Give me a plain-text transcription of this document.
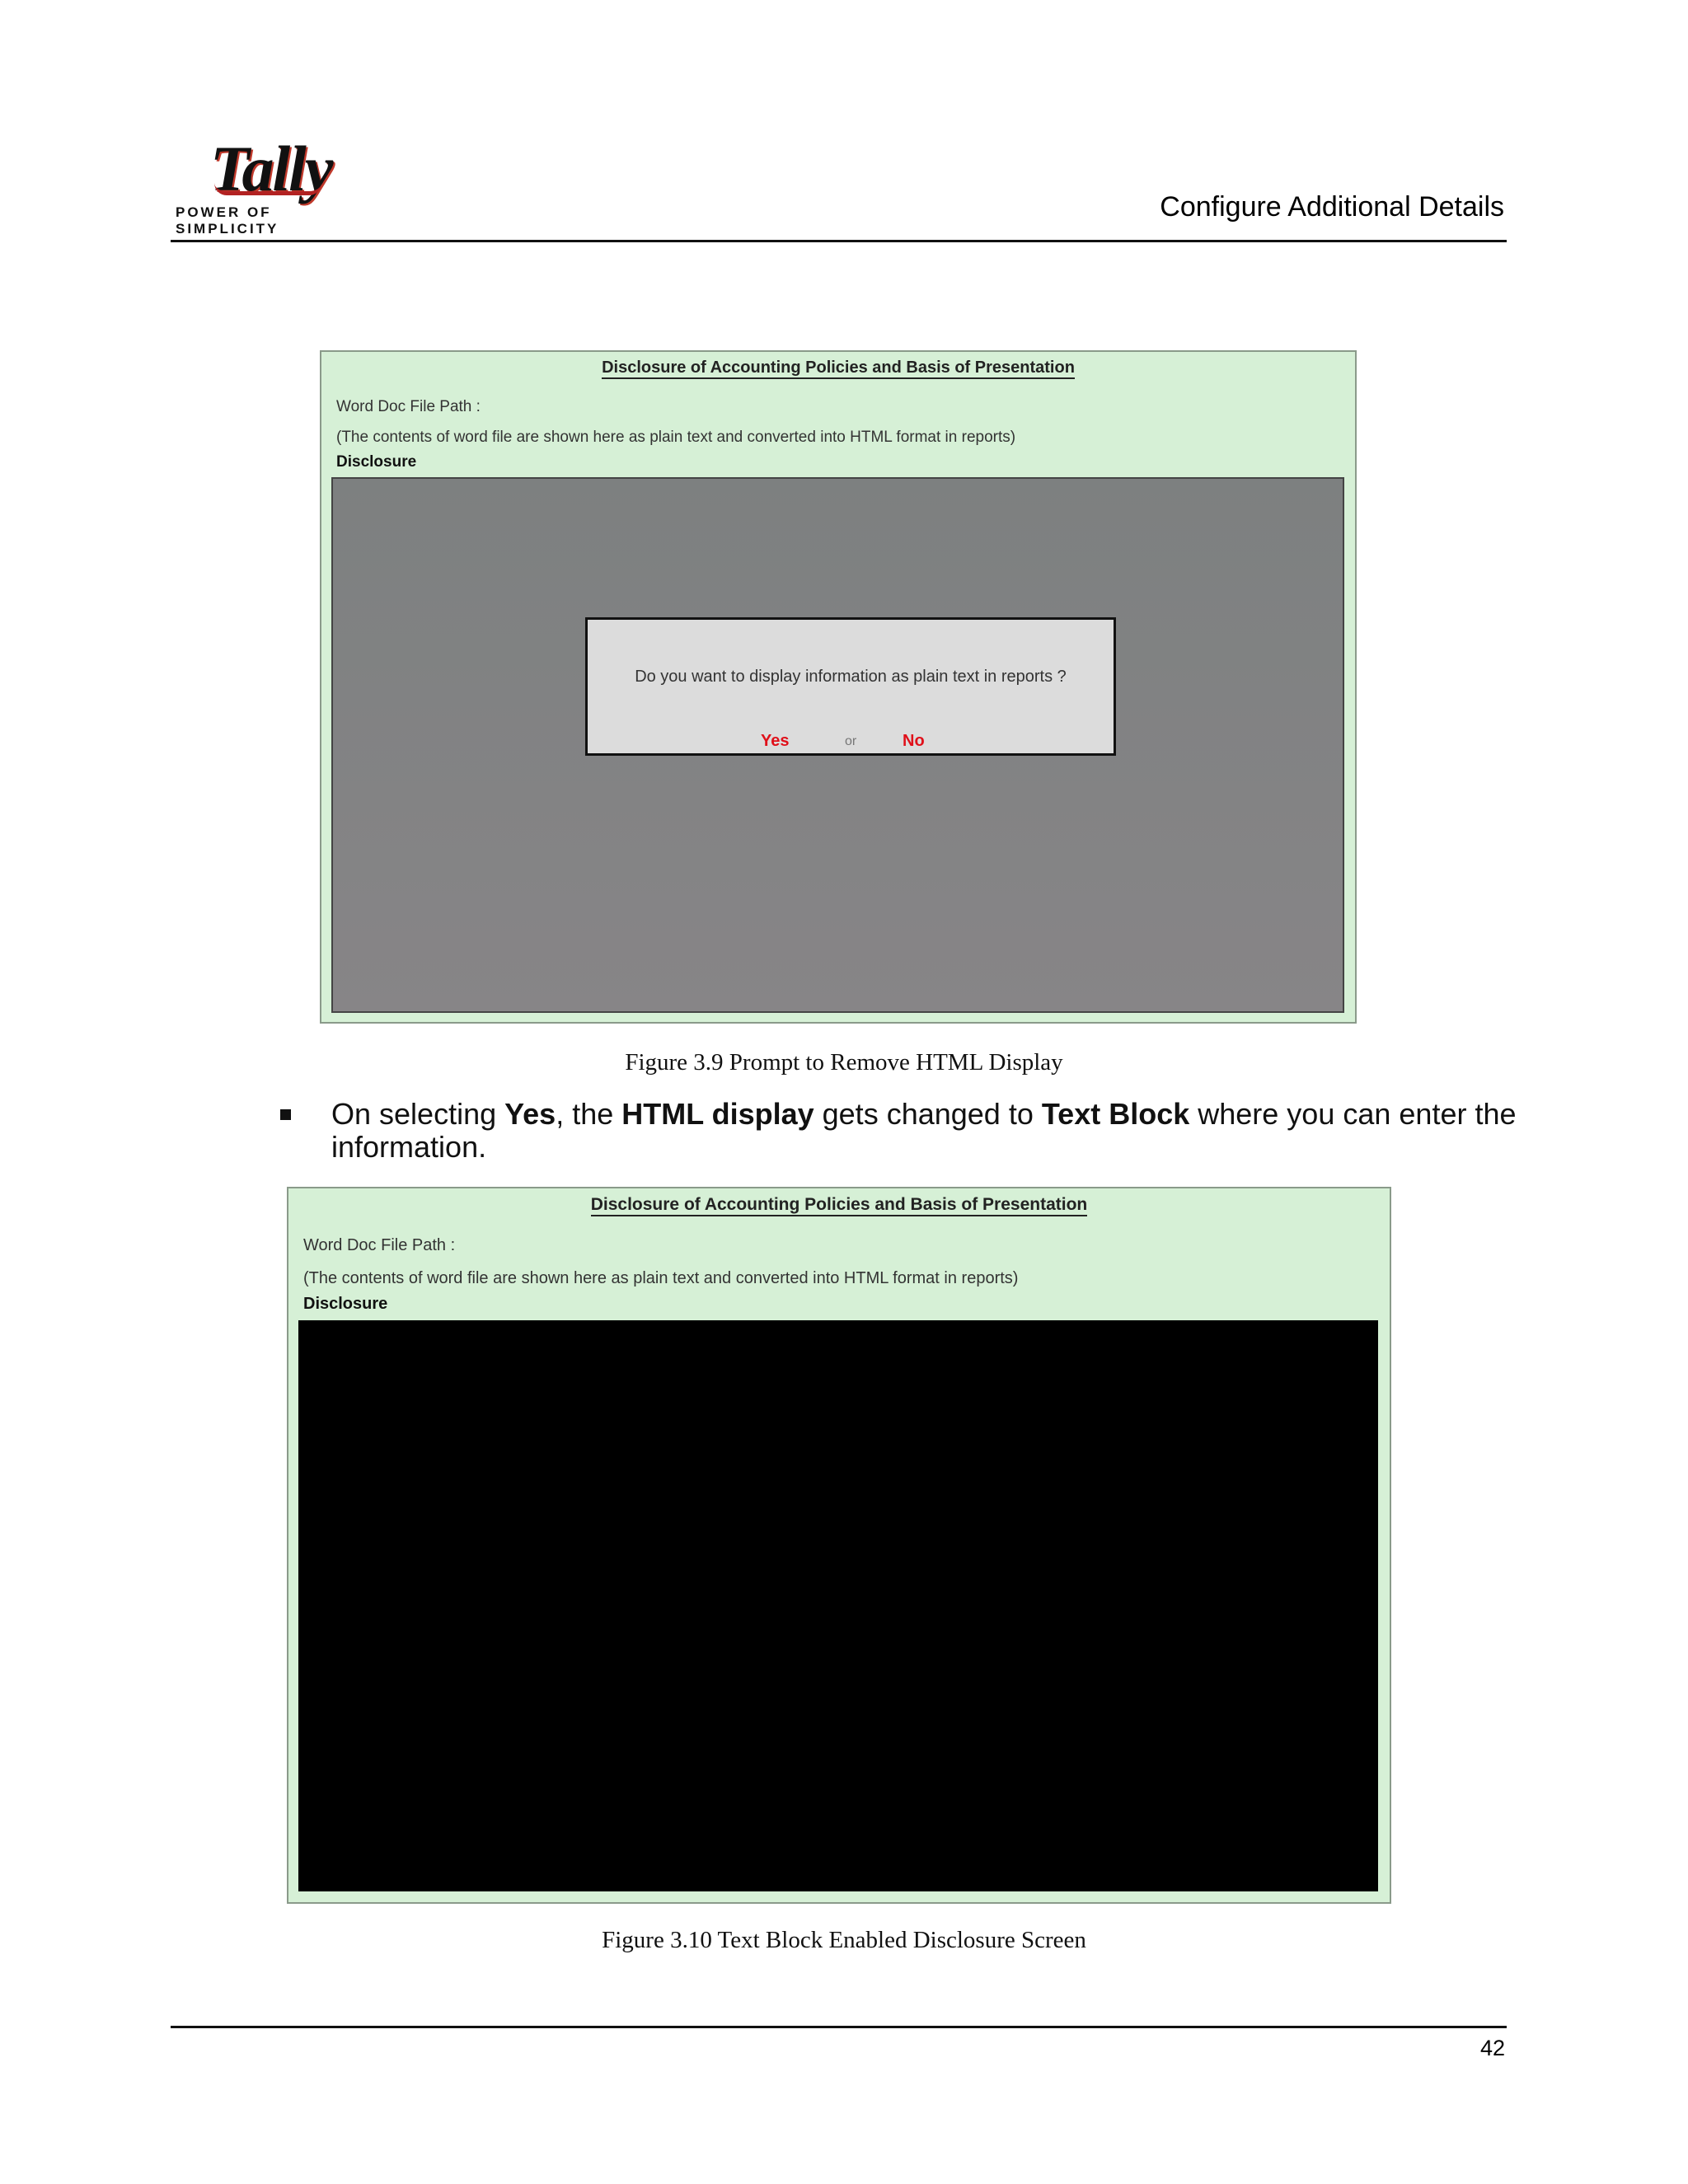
Tally
POWER OF SIMPLICITY
Configure Additional Details
Disclosure of Accounting Policies and Basis of Presentation
Word Doc File Path :
(The contents of word file are shown here as plain text and converted into HTML format in reports)
Disclosure
Do you want to display information as plain text in reports ?
Yes	or	No
Figure 3.9 Prompt to Remove HTML Display
On selecting Yes, the HTML display gets changed to Text Block where you can enter the information.
Disclosure of Accounting Policies and Basis of Presentation
Word Doc File Path :
(The contents of word file are shown here as plain text and converted into HTML format in reports)
Disclosure
Figure 3.10 Text Block Enabled Disclosure Screen
42
